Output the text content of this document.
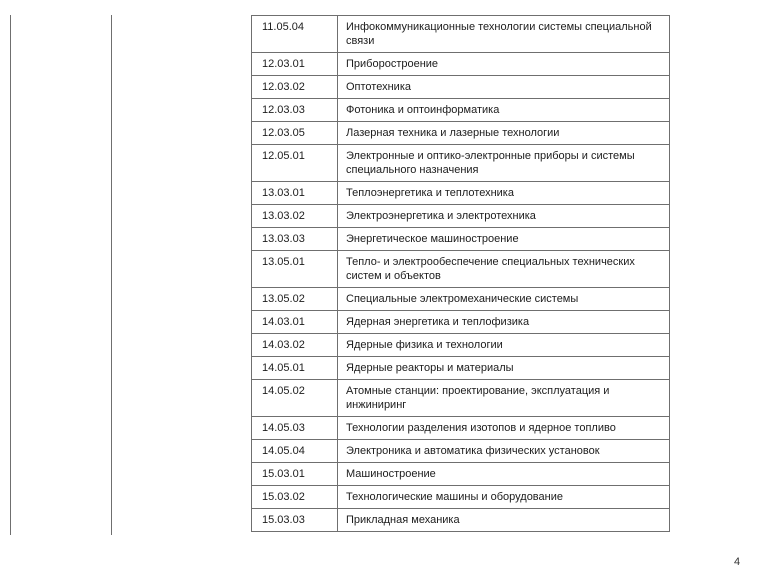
11.05.04	Инфокоммуникационные технологии системы специальной связи
12.03.01	Приборостроение
12.03.02	Оптотехника
12.03.03	Фотоника и оптоинформатика
12.03.05	Лазерная техника и лазерные технологии
12.05.01	Электронные и оптико-электронные приборы и системы специального назначения
13.03.01	Теплоэнергетика и теплотехника
13.03.02	Электроэнергетика и электротехника
13.03.03	Энергетическое машиностроение
13.05.01	Тепло- и электрообеспечение специальных технических систем и объектов
13.05.02	Специальные электромеханические системы
14.03.01	Ядерная энергетика и теплофизика
14.03.02	Ядерные физика и технологии
14.05.01	Ядерные реакторы и материалы
14.05.02	Атомные станции: проектирование, эксплуатация и инжиниринг
14.05.03	Технологии разделения изотопов и ядерное топливо
14.05.04	Электроника и автоматика физических установок
15.03.01	Машиностроение
15.03.02	Технологические машины и оборудование
15.03.03	Прикладная механика
4
